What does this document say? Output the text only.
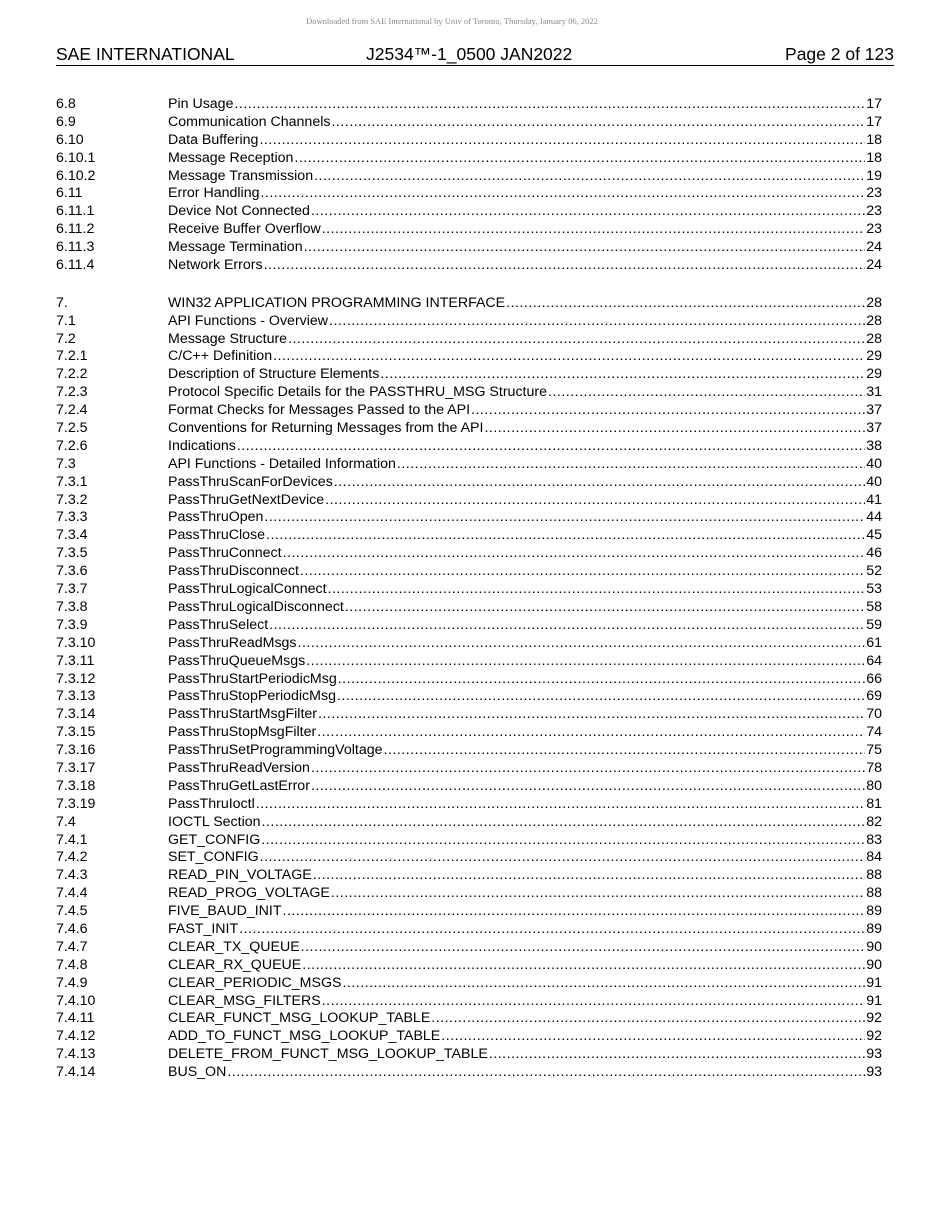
Downloaded from SAE International by Univ of Toronto, Thursday, January 06, 2022
SAE INTERNATIONAL	J2534™-1_0500 JAN2022	Page 2 of 123
6.8	Pin Usage .....	17
6.9	Communication Channels .....	17
6.10	Data Buffering .....	18
6.10.1	Message Reception .....	18
6.10.2	Message Transmission .....	19
6.11	Error Handling .....	23
6.11.1	Device Not Connected .....	23
6.11.2	Receive Buffer Overflow .....	23
6.11.3	Message Termination .....	24
6.11.4	Network Errors .....	24
7.	WIN32 APPLICATION PROGRAMMING INTERFACE .....	28
7.1	API Functions - Overview .....	28
7.2	Message Structure .....	28
7.2.1	C/C++ Definition .....	29
7.2.2	Description of Structure Elements .....	29
7.2.3	Protocol Specific Details for the PASSTHRU_MSG Structure .....	31
7.2.4	Format Checks for Messages Passed to the API .....	37
7.2.5	Conventions for Returning Messages from the API .....	37
7.2.6	Indications .....	38
7.3	API Functions - Detailed Information .....	40
7.3.1	PassThruScanForDevices .....	40
7.3.2	PassThruGetNextDevice .....	41
7.3.3	PassThruOpen .....	44
7.3.4	PassThruClose .....	45
7.3.5	PassThruConnect .....	46
7.3.6	PassThruDisconnect .....	52
7.3.7	PassThruLogicalConnect .....	53
7.3.8	PassThruLogicalDisconnect .....	58
7.3.9	PassThruSelect .....	59
7.3.10	PassThruReadMsgs .....	61
7.3.11	PassThruQueueMsgs .....	64
7.3.12	PassThruStartPeriodicMsg .....	66
7.3.13	PassThruStopPeriodicMsg .....	69
7.3.14	PassThruStartMsgFilter .....	70
7.3.15	PassThruStopMsgFilter .....	74
7.3.16	PassThruSetProgrammingVoltage .....	75
7.3.17	PassThruReadVersion .....	78
7.3.18	PassThruGetLastError .....	80
7.3.19	PassThruIoctl .....	81
7.4	IOCTL Section .....	82
7.4.1	GET_CONFIG .....	83
7.4.2	SET_CONFIG .....	84
7.4.3	READ_PIN_VOLTAGE .....	88
7.4.4	READ_PROG_VOLTAGE .....	88
7.4.5	FIVE_BAUD_INIT .....	89
7.4.6	FAST_INIT .....	89
7.4.7	CLEAR_TX_QUEUE .....	90
7.4.8	CLEAR_RX_QUEUE .....	90
7.4.9	CLEAR_PERIODIC_MSGS .....	91
7.4.10	CLEAR_MSG_FILTERS .....	91
7.4.11	CLEAR_FUNCT_MSG_LOOKUP_TABLE .....	92
7.4.12	ADD_TO_FUNCT_MSG_LOOKUP_TABLE .....	92
7.4.13	DELETE_FROM_FUNCT_MSG_LOOKUP_TABLE .....	93
7.4.14	BUS_ON .....	93
